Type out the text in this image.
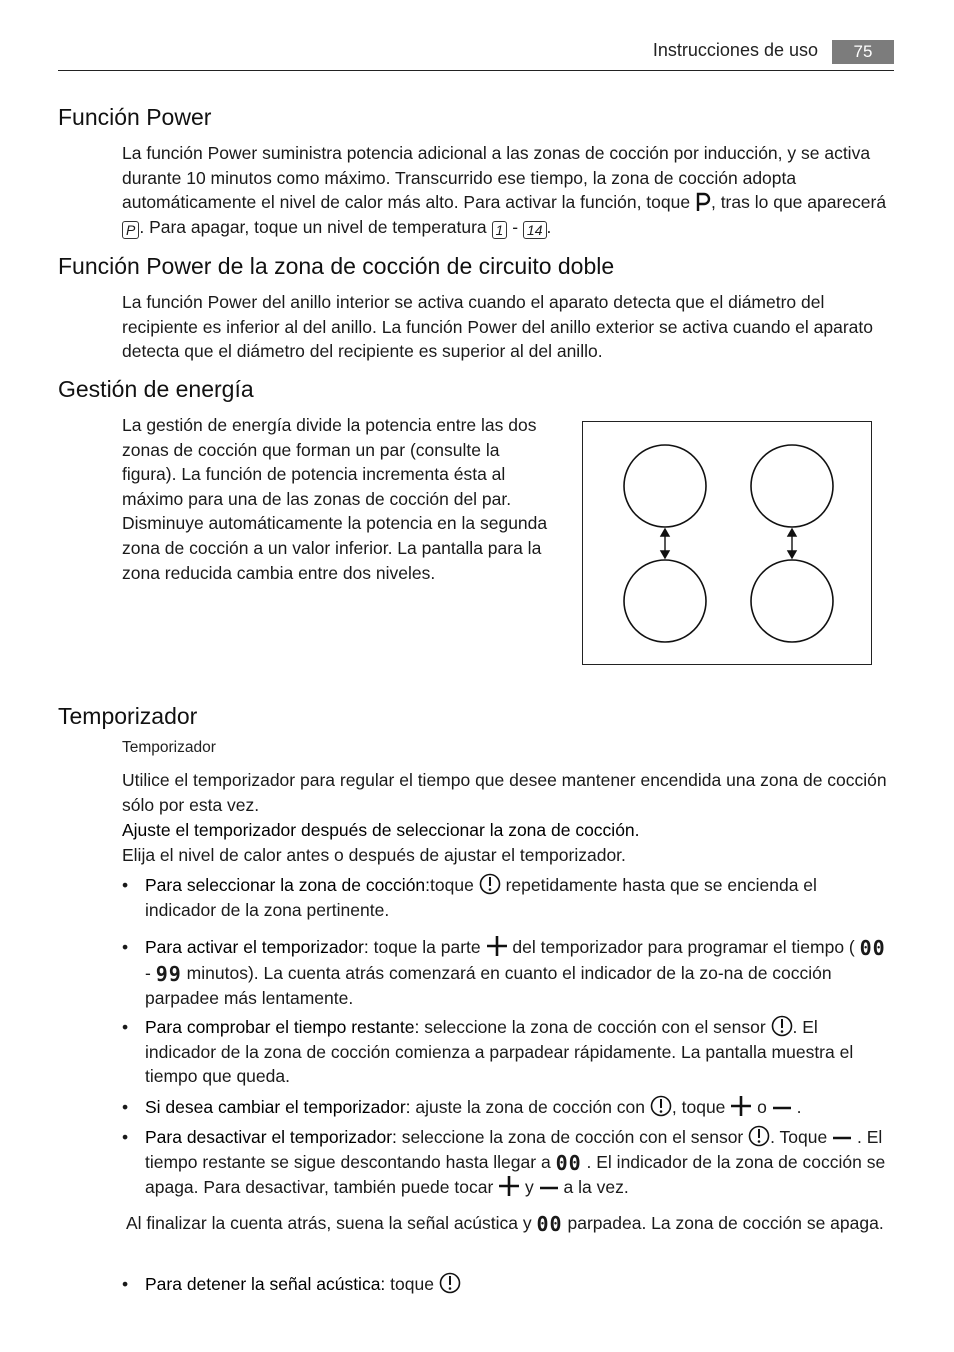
Instrucciones de uso	75
Función Power

La función Power suministra potencia adicional a las zonas de cocción por inducción, y se activa durante 10 minutos como máximo. Transcurrido ese tiempo, la zona de cocción adopta automáticamente el nivel de calor más alto. Para activar la función, toque , tras lo que aparecerá P . Para apagar, toque un nivel de temperatura 1 - 14 .

Función Power de la zona de cocción de circuito doble

La función Power del anillo interior se activa cuando el aparato detecta que el diámetro del recipiente es inferior al del anillo. La función Power del anillo exterior se activa cuando el aparato detecta que el diámetro del recipiente es superior al del anillo.

Gestión de energía

La gestión de energía divide la potencia entre las dos zonas de cocción que forman un par (consulte la figura). La función de potencia incrementa ésta al máximo para una de las zonas de cocción del par. Disminuye automáticamente la potencia en la segunda zona de cocción a un valor inferior. La pantalla para la zona reducida cambia entre dos niveles.

Temporizador
Temporizador

Utilice el temporizador para regular el tiempo que desee mantener encendida una zona de cocción sólo por esta vez.

Ajuste el temporizador después de seleccionar la zona de cocción.

Elija el nivel de calor antes o después de ajustar el temporizador.

• Para seleccionar la zona de cocción:toque repetidamente hasta que se encienda el indicador de la zona pertinente.
• Para activar el temporizador: toque la parte del temporizador para programar el tiempo ( 00 - 99 minutos). La cuenta atrás comenzará en cuanto el indicador de la zo-na de cocción parpadee más lentamente.
• Para comprobar el tiempo restante: seleccione la zona de cocción con el sensor . El indicador de la zona de cocción comienza a parpadear rápidamente. La pantalla muestra el tiempo que queda.
• Si desea cambiar el temporizador: ajuste la zona de cocción con , toque o .
• Para desactivar el temporizador: seleccione la zona de cocción con el sensor . Toque . El tiempo restante se sigue descontando hasta llegar a 00 . El indicador de la zona de cocción se apaga. Para desactivar, también puede tocar y a la vez.

Al finalizar la cuenta atrás, suena la señal acústica y 00 parpadea. La zona de cocción se apaga.

• Para detener la señal acústica: toque
